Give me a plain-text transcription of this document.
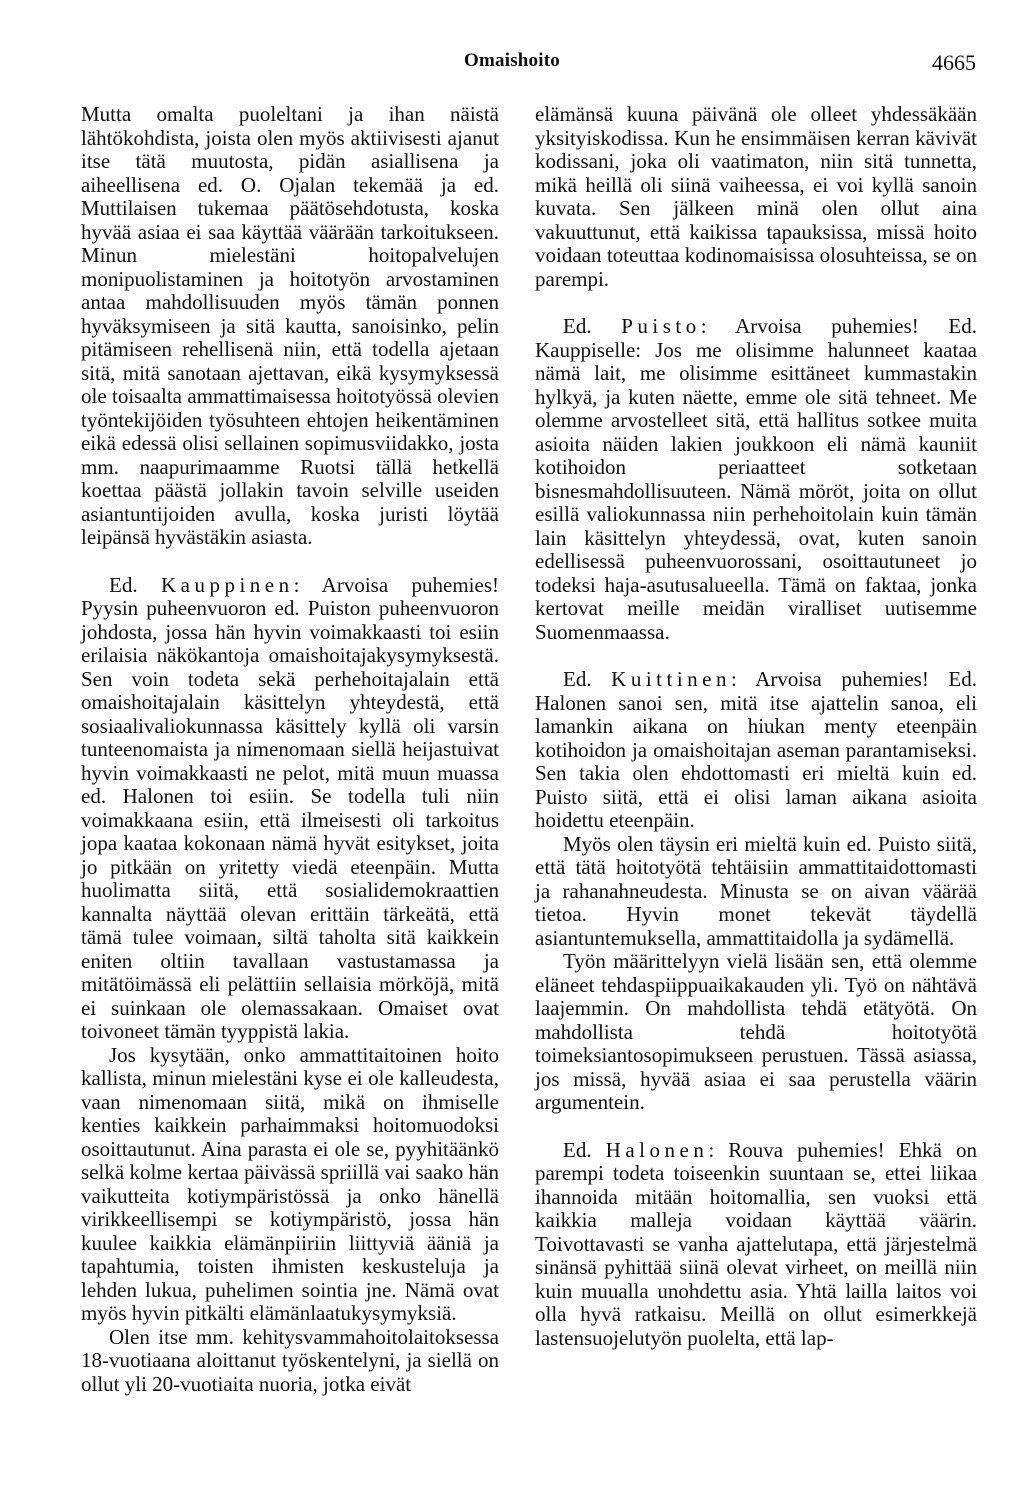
Omaishoito	4665

Mutta omalta puoleltani ja ihan näistä lähtökohdista, joista olen myös aktiivisesti ajanut itse tätä muutosta, pidän asiallisena ja aiheellisena ed. O. Ojalan tekemää ja ed. Muttilaisen tukemaa päätösehdotusta, koska hyvää asiaa ei saa käyttää väärään tarkoitukseen. Minun mielestäni hoitopalvelujen monipuolistaminen ja hoitotyön arvostaminen antaa mahdollisuuden myös tämän ponnen hyväksymiseen ja sitä kautta, sanoisinko, pelin pitämiseen rehellisenä niin, että todella ajetaan sitä, mitä sanotaan ajettavan, eikä kysymyksessä ole toisaalta ammattimaisessa hoitotyössä olevien työntekijöiden työsuhteen ehtojen heikentäminen eikä edessä olisi sellainen sopimusviidakko, josta mm. naapurimaamme Ruotsi tällä hetkellä koettaa päästä jollakin tavoin selville useiden asiantuntijoiden avulla, koska juristi löytää leipänsä hyvästäkin asiasta.

Ed. Kauppinen: Arvoisa puhemies! Pyysin puheenvuoron ed. Puiston puheenvuoron johdosta, jossa hän hyvin voimakkaasti toi esiin erilaisia näkökantoja omaishoitajakysymyksestä. Sen voin todeta sekä perhehoitajalain että omaishoitajalain käsittelyn yhteydestä, että sosiaalivaliokunnassa käsittely kyllä oli varsin tunteenomaista ja nimenomaan siellä heijastuivat hyvin voimakkaasti ne pelot, mitä muun muassa ed. Halonen toi esiin. Se todella tuli niin voimakkaana esiin, että ilmeisesti oli tarkoitus jopa kaataa kokonaan nämä hyvät esitykset, joita jo pitkään on yritetty viedä eteenpäin. Mutta huolimatta siitä, että sosialidemokraattien kannalta näyttää olevan erittäin tärkeätä, että tämä tulee voimaan, siltä taholta sitä kaikkein eniten oltiin tavallaan vastustamassa ja mitätöimässä eli pelättiin sellaisia mörköjä, mitä ei suinkaan ole olemassakaan. Omaiset ovat toivoneet tämän tyyppistä lakia.

Jos kysytään, onko ammattitaitoinen hoito kallista, minun mielestäni kyse ei ole kalleudesta, vaan nimenomaan siitä, mikä on ihmiselle kenties kaikkein parhaimmaksi hoitomuodoksi osoittautunut. Aina parasta ei ole se, pyyhitäänkö selkä kolme kertaa päivässä spriillä vai saako hän vaikutteita kotiympäristössä ja onko hänellä virikkeellisempi se kotiympäristö, jossa hän kuulee kaikkia elämänpiiriin liittyviä ääniä ja tapahtumia, toisten ihmisten keskusteluja ja lehden lukua, puhelimen sointia jne. Nämä ovat myös hyvin pitkälti elämänlaatukysymyksiä.

Olen itse mm. kehitysvammahoitolaitoksessa 18-vuotiaana aloittanut työskentelyni, ja siellä on ollut yli 20-vuotiaita nuoria, jotka eivät

elämänsä kuuna päivänä ole olleet yhdessäkään yksityiskodissa. Kun he ensimmäisen kerran kävivät kodissani, joka oli vaatimaton, niin sitä tunnetta, mikä heillä oli siinä vaiheessa, ei voi kyllä sanoin kuvata. Sen jälkeen minä olen ollut aina vakuuttunut, että kaikissa tapauksissa, missä hoito voidaan toteuttaa kodinomaisissa olosuhteissa, se on parempi.

Ed. Puisto: Arvoisa puhemies! Ed. Kauppiselle: Jos me olisimme halunneet kaataa nämä lait, me olisimme esittäneet kummastakin hylkyä, ja kuten näette, emme ole sitä tehneet. Me olemme arvostelleet sitä, että hallitus sotkee muita asioita näiden lakien joukkoon eli nämä kauniit kotihoidon periaatteet sotketaan bisnesmahdollisuuteen. Nämä möröt, joita on ollut esillä valiokunnassa niin perhehoitolain kuin tämän lain käsittelyn yhteydessä, ovat, kuten sanoin edellisessä puheenvuorossani, osoittautuneet jo todeksi haja-asutusalueella. Tämä on faktaa, jonka kertovat meille meidän viralliset uutisemme Suomenmaassa.

Ed. Kuittinen: Arvoisa puhemies! Ed. Halonen sanoi sen, mitä itse ajattelin sanoa, eli lamankin aikana on hiukan menty eteenpäin kotihoidon ja omaishoitajan aseman parantamiseksi. Sen takia olen ehdottomasti eri mieltä kuin ed. Puisto siitä, että ei olisi laman aikana asioita hoidettu eteenpäin.

Myös olen täysin eri mieltä kuin ed. Puisto siitä, että tätä hoitotyötä tehtäisiin ammattitaidottomasti ja rahanahneudesta. Minusta se on aivan väärää tietoa. Hyvin monet tekevät täydellä asiantuntemuksella, ammattitaidolla ja sydämellä.

Työn määrittelyyn vielä lisään sen, että olemme eläneet tehdaspiippuaikakauden yli. Työ on nähtävä laajemmin. On mahdollista tehdä etätyötä. On mahdollista tehdä hoitotyötä toimeksiantosopimukseen perustuen. Tässä asiassa, jos missä, hyvää asiaa ei saa perustella väärin argumentein.

Ed. Halonen: Rouva puhemies! Ehkä on parempi todeta toiseenkin suuntaan se, ettei liikaa ihannoida mitään hoitomallia, sen vuoksi että kaikkia malleja voidaan käyttää väärin. Toivottavasti se vanha ajattelutapa, että järjestelmä sinänsä pyhittää siinä olevat virheet, on meillä niin kuin muualla unohdettu asia. Yhtä lailla laitos voi olla hyvä ratkaisu. Meillä on ollut esimerkkejä lastensuojelutyön puolelta, että lap-
